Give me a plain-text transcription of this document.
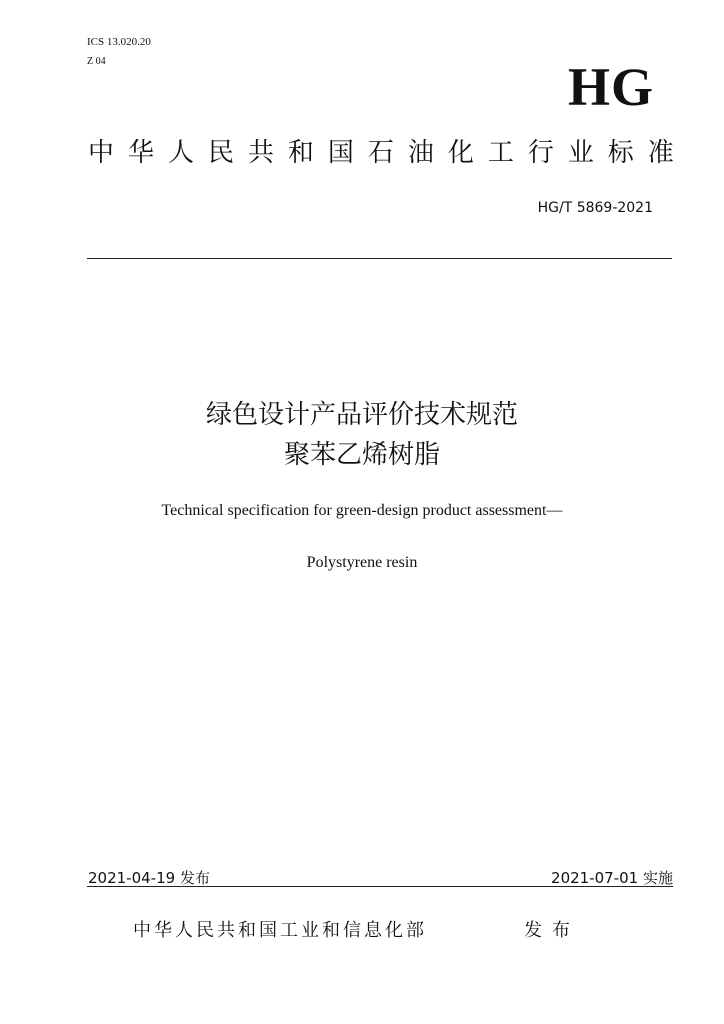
ICS 13.020.20
Z 04	HG
中 华 人 民 共 和 国 石 油 化 工 行 业 标 准
HG/T 5869-2021
绿色设计产品评价技术规范
聚苯乙烯树脂
Technical specification for green-design product assessment—
Polystyrene resin
2021-04-19 发布	2021-07-01 实施
中华人民共和国工业和信息化部	发布
